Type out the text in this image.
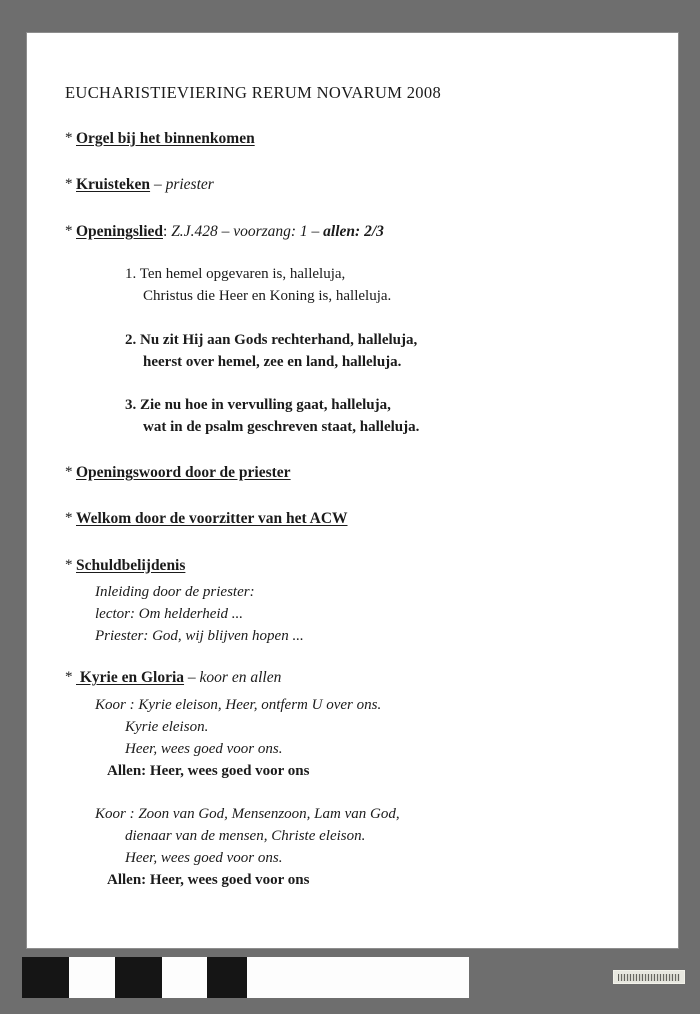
EUCHARISTIEVIERING RERUM NOVARUM 2008

* Orgel bij het binnenkomen

* Kruisteken – priester

* Openingslied: Z.J.428 – voorzang: 1 – allen: 2/3

1. Ten hemel opgevaren is, halleluja,
Christus die Heer en Koning is, halleluja.

2. Nu zit Hij aan Gods rechterhand, halleluja,
heerst over hemel, zee en land, halleluja.

3. Zie nu hoe in vervulling gaat, halleluja,
wat in de psalm geschreven staat, halleluja.

* Openingswoord door de priester

* Welkom door de voorzitter van het ACW

* Schuldbelijdenis

Inleiding door de priester:

lector: Om helderheid ...

Priester: God, wij blijven hopen ...

* Kyrie en Gloria – koor en allen

Koor : Kyrie eleison, Heer, ontferm U over ons.

Kyrie eleison.

Heer, wees goed voor ons.

Allen: Heer, wees goed voor ons

Koor : Zoon van God, Mensenzoon, Lam van God,

dienaar van de mensen, Christe eleison.

Heer, wees goed voor ons.

Allen: Heer, wees goed voor ons
